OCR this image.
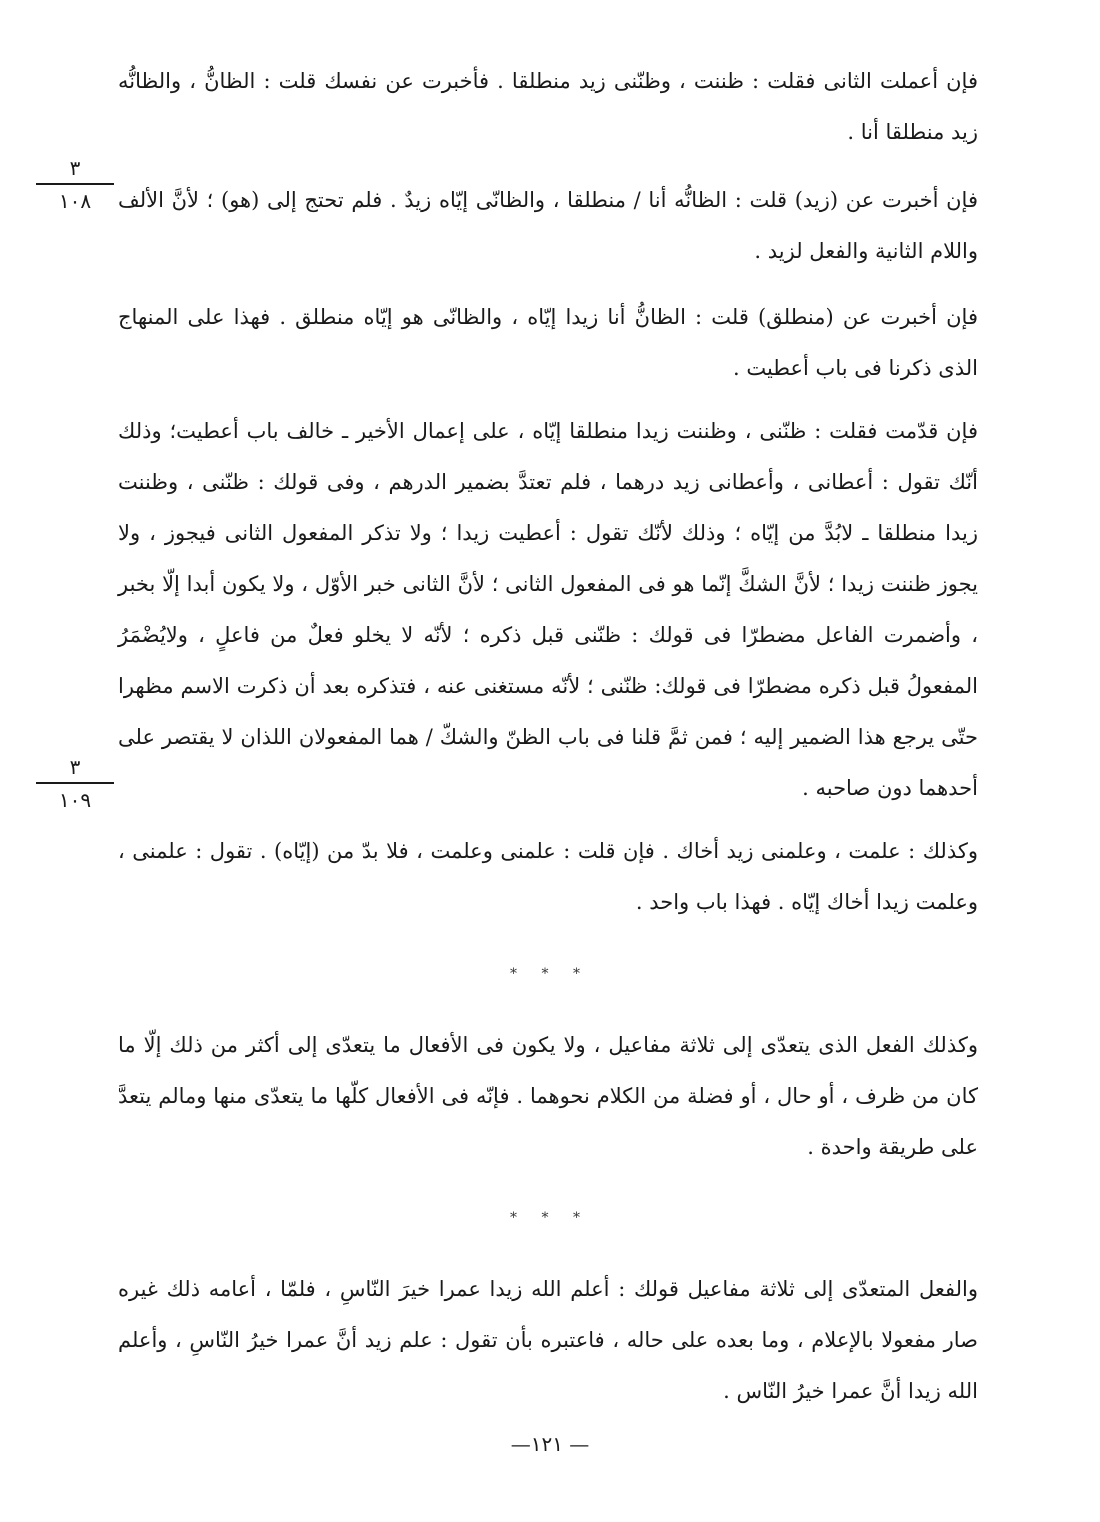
٣
١٠٨
٣
١٠٩

فإن أعملت الثانى فقلت : ظننت ، وظنّنى زيد منطلقا . فأخبرت عن نفسك قلت : الظانُّ ، والظانُّه زيد منطلقا أنا .

فإن أخبرت عن (زيد) قلت : الظانُّه أنا / منطلقا ، والظانّى إيّاه زيدٌ . فلم تحتج إلى (هو) ؛ لأنَّ الألف واللام الثانية والفعل لزيد .

فإن أخبرت عن (منطلق) قلت : الظانُّ أنا زيدا إيّاه ، والظانّى هو إيّاه منطلق . فهذا على المنهاج الذى ذكرنا فى باب أعطيت .

فإن قدّمت فقلت : ظنّنى ، وظننت زيدا منطلقا إيّاه ، على إعمال الأخير ـ خالف باب أعطيت؛ وذلك أنّك تقول : أعطانى ، وأعطانى زيد درهما ، فلم تعتدَّ بضمير الدرهم ، وفى قولك : ظنّنى ، وظننت زيدا منطلقا ـ لابُدَّ من إيّاه ؛ وذلك لأنّك تقول : أعطيت زيدا ؛ ولا تذكر المفعول الثانى فيجوز ، ولا يجوز ظننت زيدا ؛ لأنَّ الشكَّ إنّما هو فى المفعول الثانى ؛ لأنَّ الثانى خبر الأوّل ، ولا يكون أبدا إلّا بخبر ، وأضمرت الفاعل مضطرّا فى قولك : ظنّنى قبل ذكره ؛ لأنّه لا يخلو فعلٌ من فاعلٍ ، ولايُضْمَرُ المفعولُ قبل ذكره مضطرّا فى قولك: ظنّنى ؛ لأنّه مستغنى عنه ، فتذكره بعد أن ذكرت الاسم مظهرا حتّى يرجع هذا الضمير إليه ؛ فمن ثمَّ قلنا فى باب الظنّ والشكّ / هما المفعولان اللذان لا يقتصر على أحدهما دون صاحبه .

وكذلك : علمت ، وعلمنى زيد أخاك . فإن قلت : علمنى وعلمت ، فلا بدّ من (إيّاه) . تقول : علمنى ، وعلمت زيدا أخاك إيّاه . فهذا باب واحد .

* * *

وكذلك الفعل الذى يتعدّى إلى ثلاثة مفاعيل ، ولا يكون فى الأفعال ما يتعدّى إلى أكثر من ذلك إلّا ما كان من ظرف ، أو حال ، أو فضلة من الكلام نحوهما . فإنّه فى الأفعال كلّها ما يتعدّى منها ومالم يتعدَّ على طريقة واحدة .

* * *

والفعل المتعدّى إلى ثلاثة مفاعيل قولك : أعلم الله زيدا عمرا خيرَ النّاسِ ، فلمّا ، أعامه ذلك غيره صار مفعولا بالإعلام ، وما بعده على حاله ، فاعتبره بأن تقول : علم زيد أنَّ عمرا خيرُ النّاسِ ، وأعلم الله زيدا أنَّ عمرا خيرُ النّاس .

—١٢١ —
